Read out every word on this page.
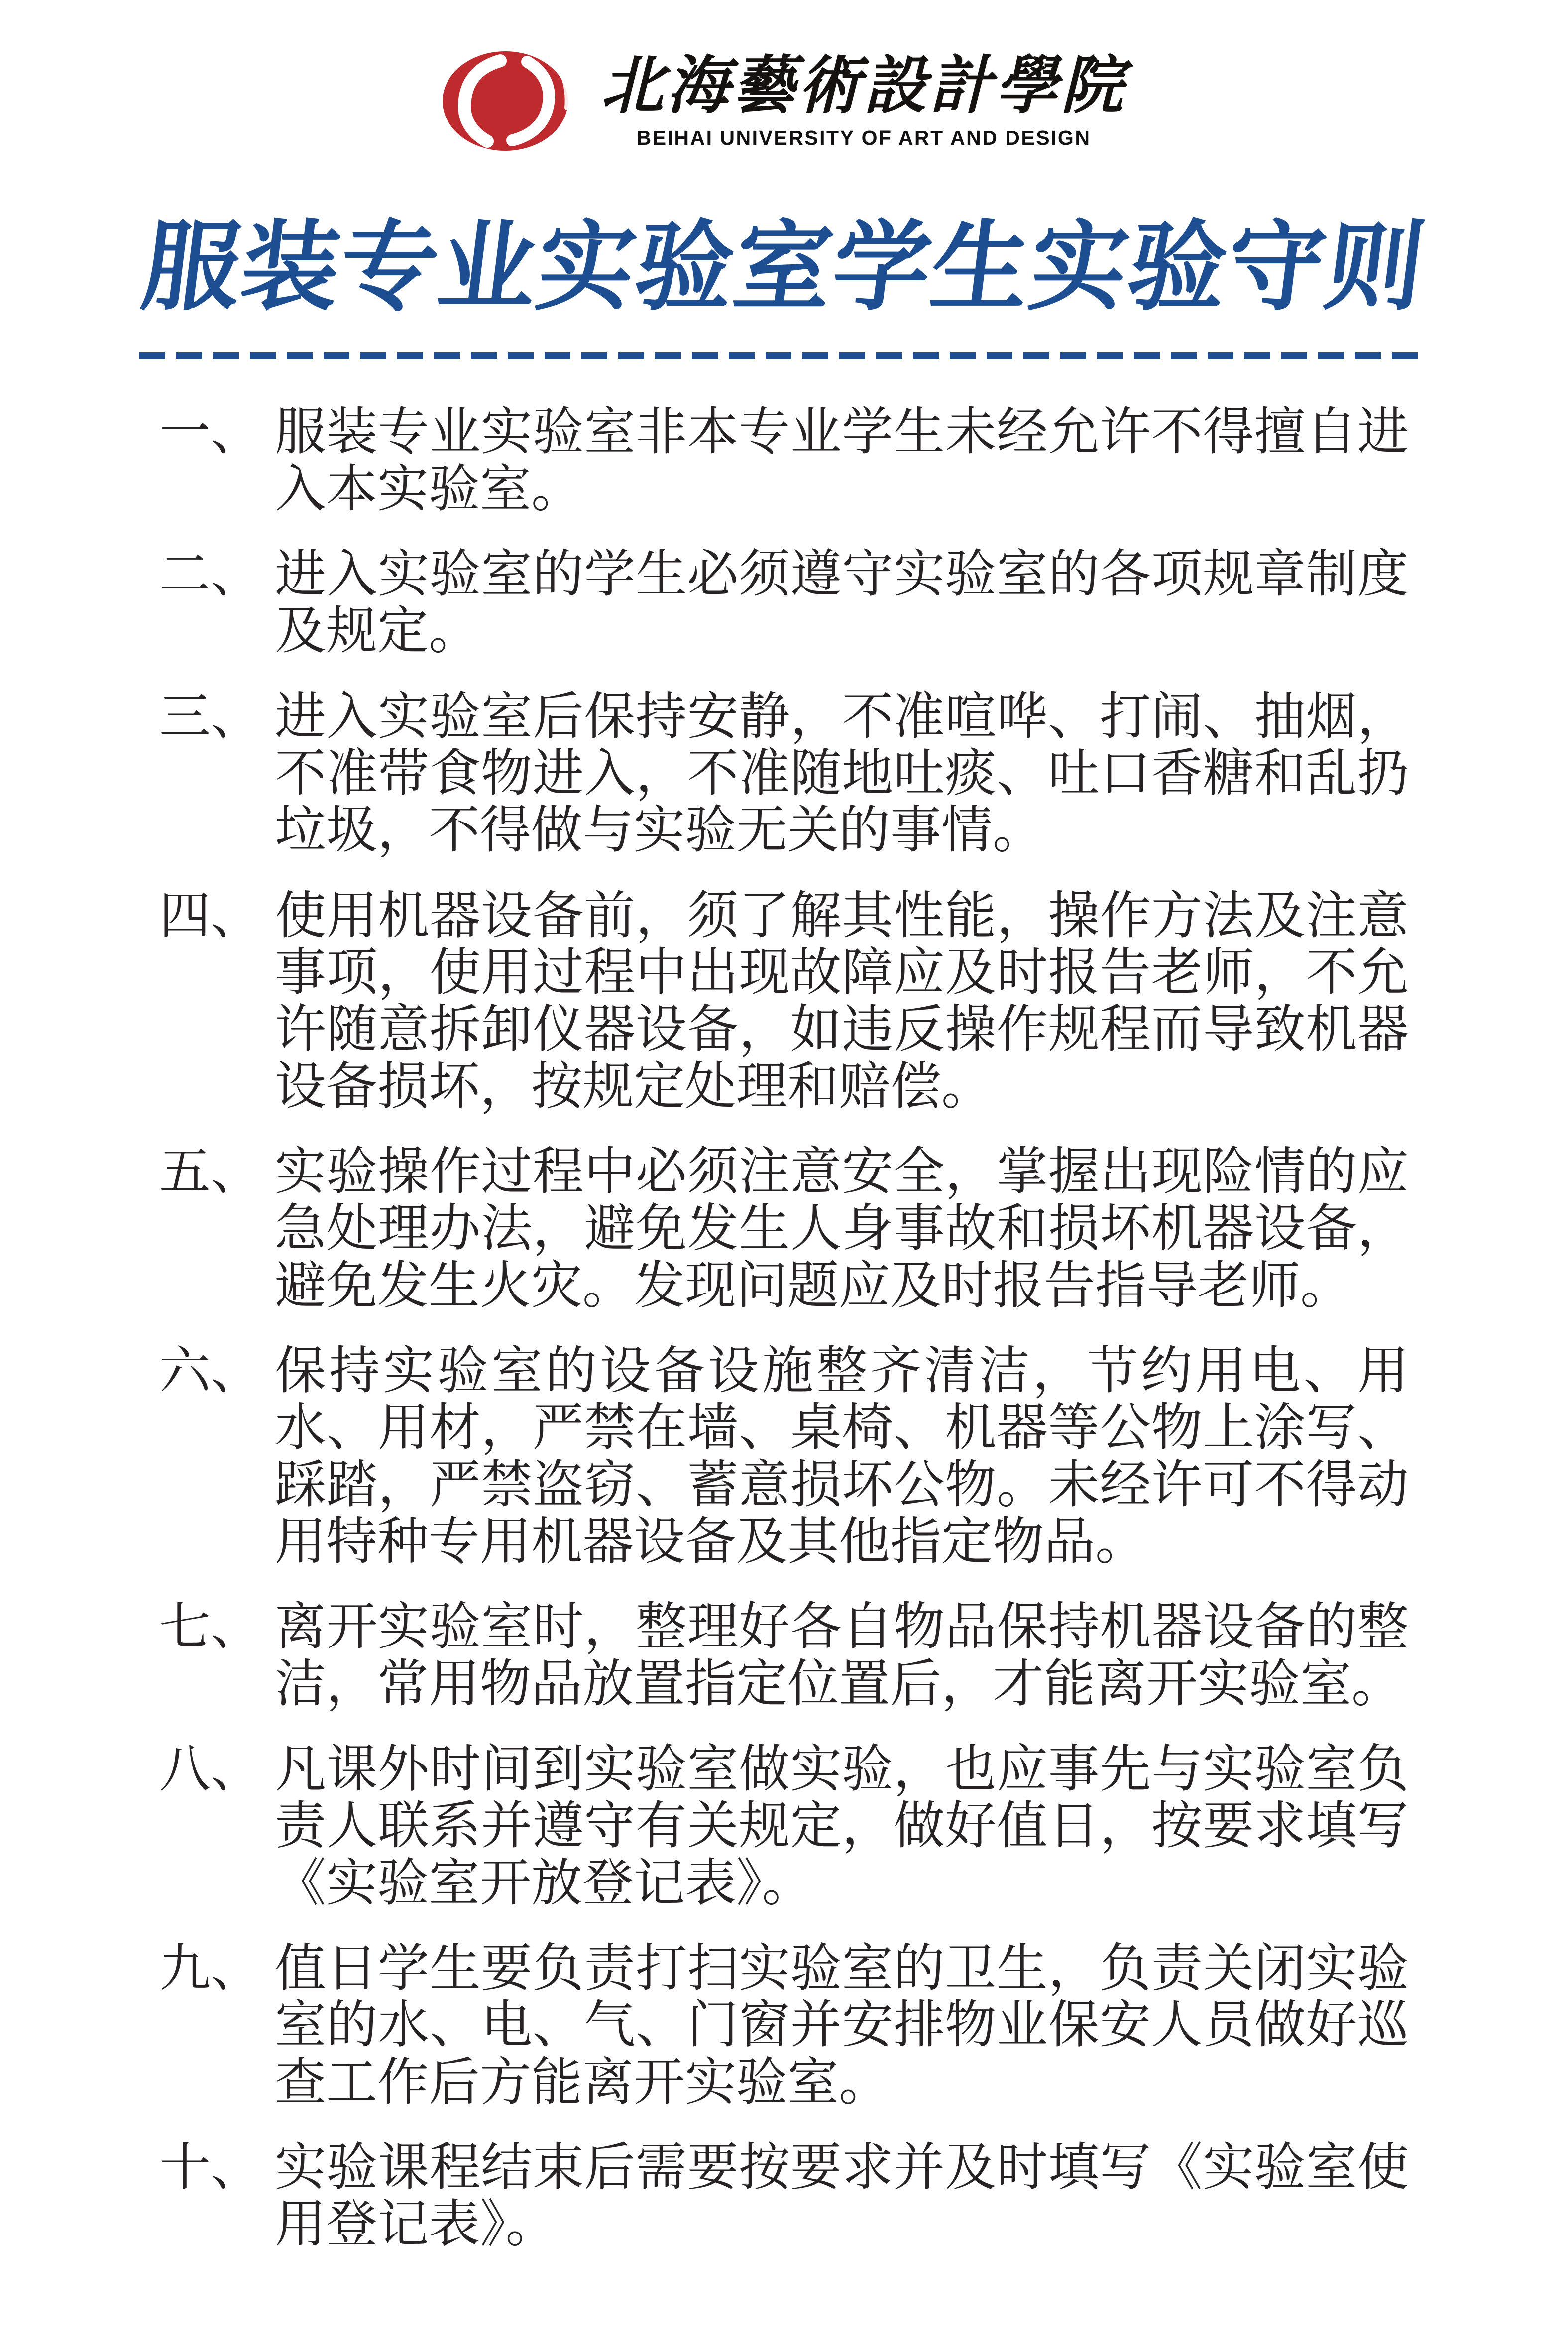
北海藝術設計學院
BEIHAI UNIVERSITY OF ART AND DESIGN
服装专业实验室学生实验守则
一、 服装专业实验室非本专业学生未经允许不得擅自进入本实验室。
二、 进入实验室的学生必须遵守实验室的各项规章制度及规定。
三、 进入实验室后保持安静，不准喧哗、打闹、抽烟，不准带食物进入，不准随地吐痰、吐口香糖和乱扔垃圾，不得做与实验无关的事情。
四、 使用机器设备前，须了解其性能，操作方法及注意事项，使用过程中出现故障应及时报告老师，不允许随意拆卸仪器设备，如违反操作规程而导致机器设备损坏，按规定处理和赔偿。
五、 实验操作过程中必须注意安全，掌握出现险情的应急处理办法，避免发生人身事故和损坏机器设备，避免发生火灾。发现问题应及时报告指导老师。
六、 保持实验室的设备设施整齐清洁，节约用电、用水、用材，严禁在墙、桌椅、机器等公物上涂写、踩踏，严禁盗窃、蓄意损坏公物。未经许可不得动用特种专用机器设备及其他指定物品。
七、 离开实验室时，整理好各自物品保持机器设备的整洁，常用物品放置指定位置后，才能离开实验室。
八、 凡课外时间到实验室做实验，也应事先与实验室负责人联系并遵守有关规定，做好值日，按要求填写《实验室开放登记表》。
九、 值日学生要负责打扫实验室的卫生，负责关闭实验室的水、电、气、门窗并安排物业保安人员做好巡查工作后方能离开实验室。
十、 实验课程结束后需要按要求并及时填写《实验室使用登记表》。
